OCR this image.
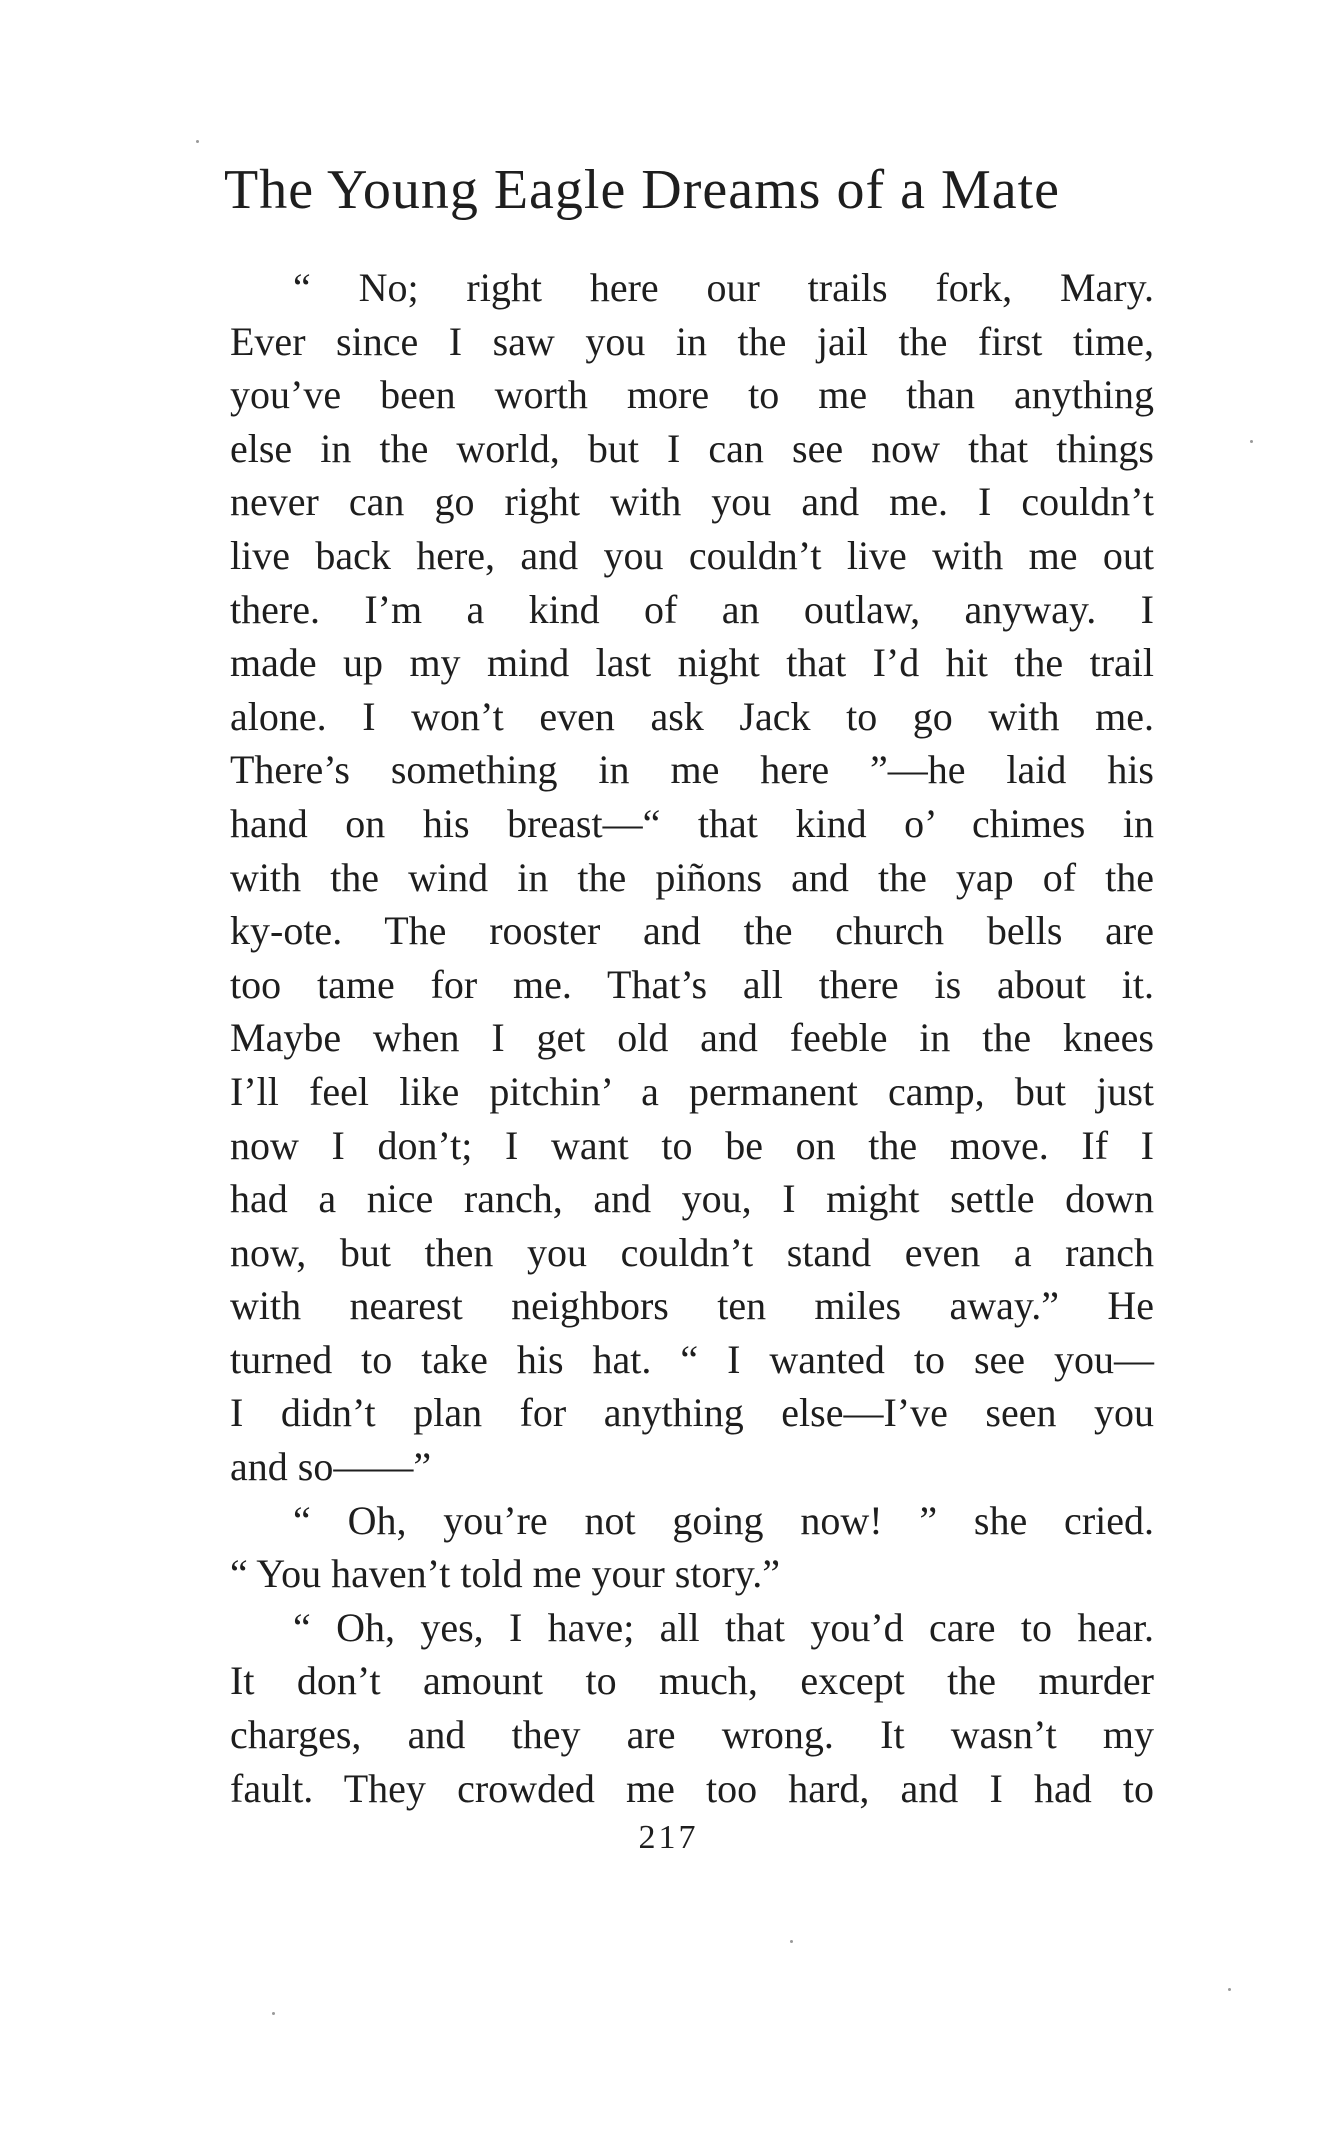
The Young Eagle Dreams of a Mate
“ No; right here our trails fork, Mary.
Ever since I saw you in the jail the first time,
you’ve been worth more to me than anything
else in the world, but I can see now that things
never can go right with you and me. I couldn’t
live back here, and you couldn’t live with me out
there. I’m a kind of an outlaw, anyway. I
made up my mind last night that I’d hit the trail
alone. I won’t even ask Jack to go with me.
There’s something in me here ”—he laid his
hand on his breast—“ that kind o’ chimes in
with the wind in the piñons and the yap of the
ky-ote. The rooster and the church bells are
too tame for me. That’s all there is about it.
Maybe when I get old and feeble in the knees
I’ll feel like pitchin’ a permanent camp, but just
now I don’t; I want to be on the move. If I
had a nice ranch, and you, I might settle down
now, but then you couldn’t stand even a ranch
with nearest neighbors ten miles away.” He
turned to take his hat. “ I wanted to see you—
I didn’t plan for anything else—I’ve seen you
and so——”
“ Oh, you’re not going now! ” she cried.
“ You haven’t told me your story.”
“ Oh, yes, I have; all that you’d care to hear.
It don’t amount to much, except the murder
charges, and they are wrong. It wasn’t my
fault. They crowded me too hard, and I had to
217
